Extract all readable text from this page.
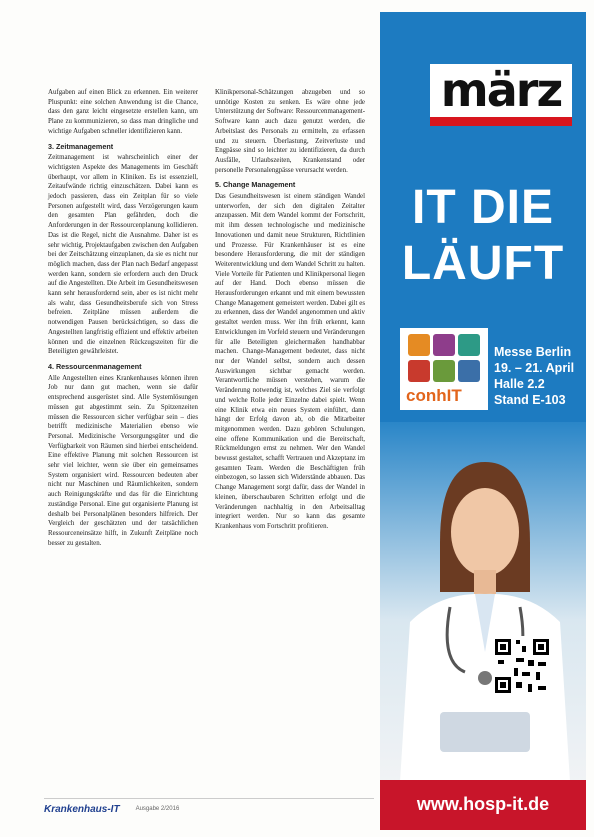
Aufgaben auf einen Blick zu erkennen. Ein weiterer Pluspunkt: eine solchen Anwendung ist die Chance, dass den ganz leicht eingesetzte erstellen kann, um Plane zu kommunizieren, so dass man dringliche und wichtige Aufgaben schneller identifizieren kann.

3. Zeitmanagement

Zeitmanagement ist wahrscheinlich einer der wichtigsten Aspekte des Managements im Geschäft überhaupt, vor allem in Kliniken. Es ist essenziell, Zeitaufwände richtig einzuschätzen. Dabei kann es jedoch passieren, dass ein Zeitplan für so viele Personen aufgestellt wird, dass Verzögerungen kaum den gesamten Plan gefährden, doch die Anforderungen in der Ressourcenplanung kollidieren. Das ist die Regel, nicht die Ausnahme. Daher ist es sehr wichtig, Projektaufgaben zwischen den Aufgaben bei der Zeitschätzung einzuplanen, da sie es nicht nur möglich machen, dass der Plan nach Bedarf angepasst werden kann, sondern sie erfordern auch den Druck auf die Angestellten. Die Arbeit im Gesundheitswesen kann sehr herausfordernd sein, aber es ist nicht mehr als wahr, dass Gesundheitsberufe sich von Stress befreien. Zeitpläne müssen außerdem die notwendigen Pausen berücksichtigen, so dass die Angestellten langfristig effizient und effektiv arbeiten können und die einzelnen Rückzugszeiten für die Beteiligten gewährleistet.

4. Ressourcenmanagement

Alle Angestellten eines Krankenhauses können ihren Job nur dann gut machen, wenn sie dafür entsprechend ausgerüstet sind. Alle Systemlösungen müssen gut abgestimmt sein. Zu Spitzenzeiten müssen die Ressourcen sicher verfügbar sein – dies betrifft medizinische Materialien ebenso wie Personal. Medizinische Versorgungsgüter und die Verfügbarkeit von Räumen sind hierbei entscheidend. Eine effektive Planung mit solchen Ressourcen ist sehr viel leichter, wenn sie über ein gemeinsames System organisiert wird. Ressourcen bedeuten aber nicht nur Maschinen und Räumlichkeiten, sondern auch Reinigungskräfte und das für die Einrichtung zuständige Personal. Eine gut organisierte Planung ist deshalb bei Personalplänen besonders hilfreich. Der Vergleich der geschätzten und der tatsächlichen Ressourceneinsätze hilft, in Zukunft Zeitpläne noch besser zu gestalten.

Klinikpersonal-Schätzungen abzugeben und so unnötige Kosten zu senken. Es wäre ohne jede Unterstützung der Software: Ressourcenmanagement-Software kann auch dazu genutzt werden, die Arbeitslast des Personals zu ermitteln, zu erfassen und zu steuern. Überlastung, Zeitverluste und Engpässe sind so leichter zu identifizieren, da durch Ausfälle, Urlaubszeiten, Krankenstand oder personelle Personalengpässe verursacht werden.

5. Change Management

Das Gesundheitswesen ist einem ständigen Wandel unterworfen, der sich den digitalen Zeitalter anzupassen. Mit dem Wandel kommt der Fortschritt, mit ihm dessen technologische und medizinische Innovationen und damit neue Strukturen, Richtlinien und Prozesse. Für Krankenhäuser ist es eine besondere Herausforderung, die mit der ständigen Weiterentwicklung und dem Wandel Schritt zu halten. Viele Vorteile für Patienten und Klinikpersonal liegen auf der Hand. Doch ebenso müssen die Herausforderungen erkannt und mit einem bewussten Change Management gemeistert werden. Dabei gilt es zu erkennen, dass der Wandel angenommen und aktiv gestaltet werden muss. Wer ihn früh erkennt, kann Entwicklungen im Vorfeld steuern und Veränderungen für alle Beteiligten gleichermaßen handhabbar machen. Change-Management bedeutet, dass nicht nur der Wandel selbst, sondern auch dessen Auswirkungen sichtbar gemacht werden. Verantwortliche müssen verstehen, warum die Veränderung notwendig ist, welches Ziel sie verfolgt und welche Rolle jeder Einzelne dabei spielt. Wenn eine Klinik etwa ein neues System einführt, dann hängt der Erfolg davon ab, ob die Mitarbeiter mitgenommen werden. Dazu gehören Schulungen, eine offene Kommunikation und die Bereitschaft, Rückmeldungen ernst zu nehmen. Wer den Wandel bewusst gestaltet, schafft Vertrauen und Akzeptanz im gesamten Team. Werden die Beschäftigten früh einbezogen, so lassen sich Widerstände abbauen. Das Change Management sorgt dafür, dass der Wandel in kleinen, überschaubaren Schritten erfolgt und die Veränderungen nachhaltig in den Arbeitsalltag integriert werden. Nur so kann das gesamte Krankenhaus vom Fortschritt profitieren.

Krankenhaus-IT	Ausgabe 2/2016
märz
IT DIE
LÄUFT
conhIT
Messe Berlin
19. – 21. April
Halle 2.2
Stand E-103
www.hosp-it.de
